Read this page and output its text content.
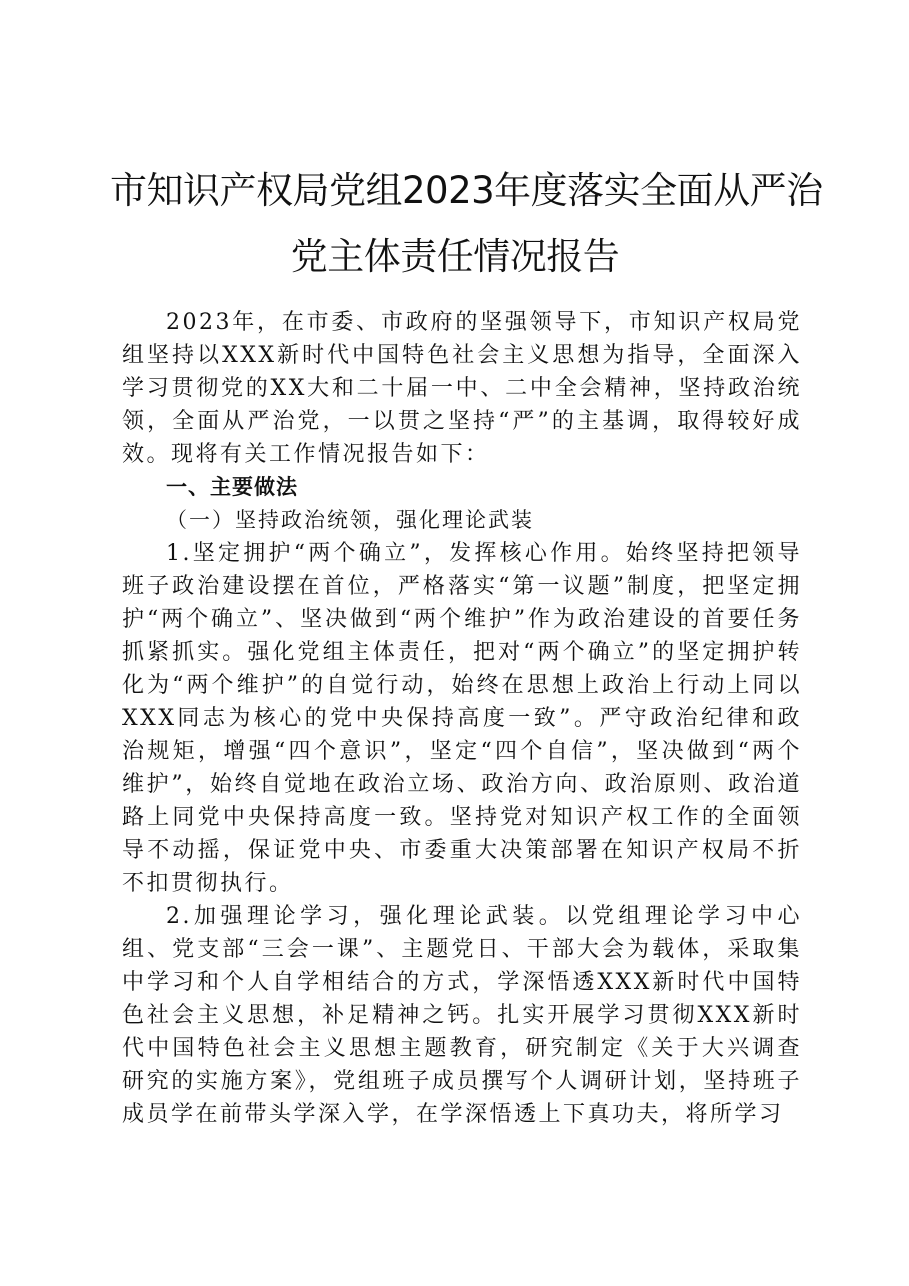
市知识产权局党组2023年度落实全面从严治
党主体责任情况报告

2023年，在市委、市政府的坚强领导下，市知识产权局党组坚持以XXX新时代中国特色社会主义思想为指导，全面深入学习贯彻党的XX大和二十届一中、二中全会精神，坚持政治统领，全面从严治党，一以贯之坚持“严”的主基调，取得较好成效。现将有关工作情况报告如下：

一、主要做法

（一）坚持政治统领，强化理论武装

1.坚定拥护“两个确立”，发挥核心作用。始终坚持把领导班子政治建设摆在首位，严格落实“第一议题”制度，把坚定拥护“两个确立”、坚决做到“两个维护”作为政治建设的首要任务抓紧抓实。强化党组主体责任，把对“两个确立”的坚定拥护转化为“两个维护”的自觉行动，始终在思想上政治上行动上同以XXX同志为核心的党中央保持高度一致”。严守政治纪律和政治规矩，增强“四个意识”，坚定“四个自信”，坚决做到“两个维护”，始终自觉地在政治立场、政治方向、政治原则、政治道路上同党中央保持高度一致。坚持党对知识产权工作的全面领导不动摇，保证党中央、市委重大决策部署在知识产权局不折不扣贯彻执行。

2.加强理论学习，强化理论武装。以党组理论学习中心组、党支部“三会一课”、主题党日、干部大会为载体，采取集中学习和个人自学相结合的方式，学深悟透XXX新时代中国特色社会主义思想，补足精神之钙。扎实开展学习贯彻XXX新时代中国特色社会主义思想主题教育，研究制定《关于大兴调查研究的实施方案》，党组班子成员撰写个人调研计划，坚持班子成员学在前带头学深入学，在学深悟透上下真功夫，将所学习
